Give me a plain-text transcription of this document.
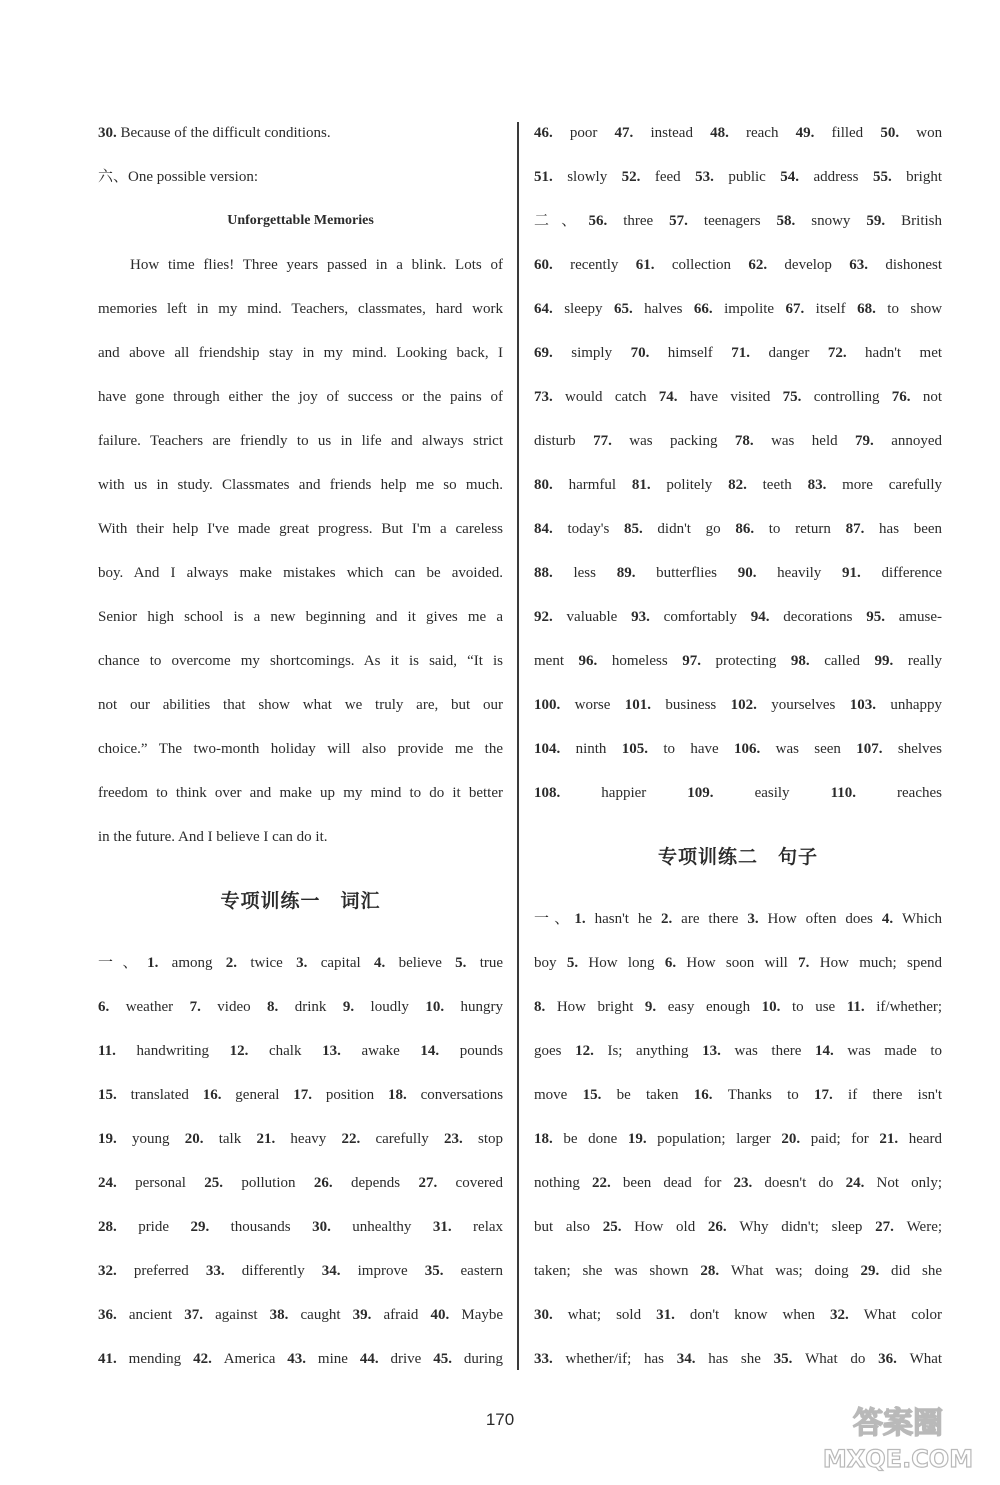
30. Because of the difficult conditions.
六、One possible version:
Unforgettable Memories
How time flies! Three years passed in a blink. Lots of
memories left in my mind. Teachers, classmates, hard work
and above all friendship stay in my mind. Looking back, I
have gone through either the joy of success or the pains of
failure. Teachers are friendly to us in life and always strict
with us in study. Classmates and friends help me so much.
With their help I've made great progress. But I'm a careless
boy. And I always make mistakes which can be avoided.
Senior high school is a new beginning and it gives me a
chance to overcome my shortcomings. As it is said, “It is
not our abilities that show what we truly are, but our
choice.” The two-month holiday will also provide me the
freedom to think over and make up my mind to do it better
in the future. And I believe I can do it.
专项训练一　词汇
一、1. among 2. twice 3. capital 4. believe 5. true
6. weather 7. video 8. drink 9. loudly 10. hungry
11. handwriting 12. chalk 13. awake 14. pounds
15. translated 16. general 17. position 18. conversations
19. young 20. talk 21. heavy 22. carefully 23. stop
24. personal 25. pollution 26. depends 27. covered
28. pride 29. thousands 30. unhealthy 31. relax
32. preferred 33. differently 34. improve 35. eastern
36. ancient 37. against 38. caught 39. afraid 40. Maybe
41. mending 42. America 43. mine 44. drive 45. during
46. poor 47. instead 48. reach 49. filled 50. won
51. slowly 52. feed 53. public 54. address 55. bright
二、56. three 57. teenagers 58. snowy 59. British
60. recently 61. collection 62. develop 63. dishonest
64. sleepy 65. halves 66. impolite 67. itself 68. to show
69. simply 70. himself 71. danger 72. hadn't met
73. would catch 74. have visited 75. controlling 76. not
disturb 77. was packing 78. was held 79. annoyed
80. harmful 81. politely 82. teeth 83. more carefully
84. today's 85. didn't go 86. to return 87. has been
88. less 89. butterflies 90. heavily 91. difference
92. valuable 93. comfortably 94. decorations 95. amuse-
ment 96. homeless 97. protecting 98. called 99. really
100. worse 101. business 102. yourselves 103. unhappy
104. ninth 105. to have 106. was seen 107. shelves
108. happier 109. easily 110. reaches
专项训练二　句子
一、1. hasn't he 2. are there 3. How often does 4. Which
boy 5. How long 6. How soon will 7. How much; spend
8. How bright 9. easy enough 10. to use 11. if/whether;
goes 12. Is; anything 13. was there 14. was made to
move 15. be taken 16. Thanks to 17. if there isn't
18. be done 19. population; larger 20. paid; for 21. heard
nothing 22. been dead for 23. doesn't do 24. Not only;
but also 25. How old 26. Why didn't; sleep 27. Were;
taken; she was shown 28. What was; doing 29. did she
30. what; sold 31. don't know when 32. What color
33. whether/if; has 34. has she 35. What do 36. What
170	答案圈
MXQE.COM
